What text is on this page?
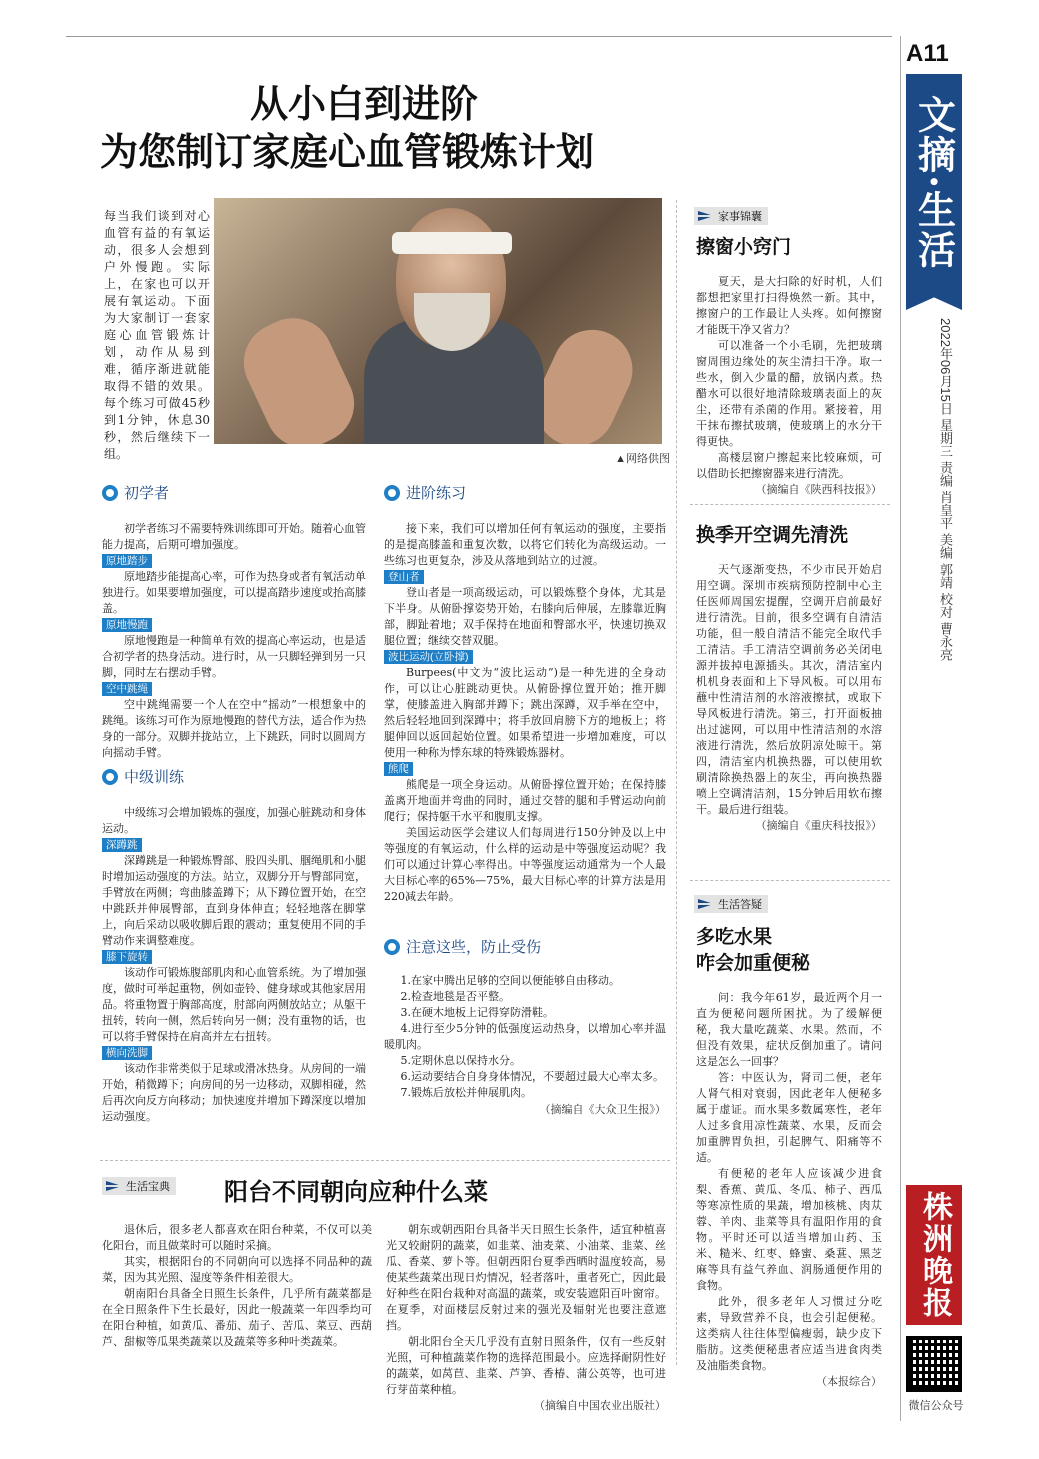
A11
文摘·生活
2022年06月15日 星期三 责编 肖皇平 美编 郭靖 校对 曹永亮
株洲晚报
微信公众号
从小白到进阶
为您制订家庭心血管锻炼计划
每当我们谈到对心血管有益的有氧运动，很多人会想到户外慢跑。实际上，在家也可以开展有氧运动。下面为大家制订一套家庭心血管锻炼计划，动作从易到难，循序渐进就能取得不错的效果。每个练习可做45秒到1分钟，休息30秒，然后继续下一组。	▲网络供图
初学者

初学者练习不需要特殊训练即可开始。随着心血管能力提高，后期可增加强度。

原地踏步

原地踏步能提高心率，可作为热身或者有氧活动单独进行。如果要增加强度，可以提高踏步速度或抬高膝盖。

原地慢跑

原地慢跑是一种简单有效的提高心率运动，也是适合初学者的热身活动。进行时，从一只脚轻弹到另一只脚，同时左右摆动手臂。

空中跳绳

空中跳绳需要一个人在空中“摇动”一根想象中的跳绳。该练习可作为原地慢跑的替代方法，适合作为热身的一部分。双脚并拢站立，上下跳跃，同时以圆周方向摇动手臂。

中级训练

中级练习会增加锻炼的强度，加强心脏跳动和身体运动。

深蹲跳

深蹲跳是一种锻炼臀部、股四头肌、腘绳肌和小腿时增加运动强度的方法。站立，双脚分开与臀部同宽，手臂放在两侧；弯曲膝盖蹲下；从下蹲位置开始，在空中跳跃并伸展臀部，直到身体伸直；轻轻地落在脚掌上，向后采动以吸收脚后跟的震动；重复使用不同的手臂动作来调整难度。

膝下旋转

该动作可锻炼腹部肌肉和心血管系统。为了增加强度，做时可举起重物，例如壶铃、健身球或其他家居用品。将重物置于胸部高度，肘部向两侧放站立；从躯干扭转，转向一侧，然后转向另一侧；没有重物的话，也可以将手臂保持在肩高并左右扭转。

横向洗脚

该动作非常类似于足球或滑冰热身。从房间的一端开始，稍微蹲下；向房间的另一边移动，双脚相碰，然后再次向反方向移动；加快速度并增加下蹲深度以增加运动强度。

进阶练习

接下来，我们可以增加任何有氧运动的强度，主要指的是提高膝盖和重复次数，以将它们转化为高级运动。一些练习也更复杂，涉及从落地到站立的过渡。

登山者

登山者是一项高级运动，可以锻炼整个身体，尤其是下半身。从俯卧撑姿势开始，右膝向后伸展，左膝靠近胸部，脚趾着地；双手保持在地面和臀部水平，快速切换双腿位置；继续交替双腿。

波比运动(立卧撑)

Burpees(中文为“波比运动”)是一种先进的全身动作，可以让心脏跳动更快。从俯卧撑位置开始；推开脚掌，使膝盖进入胸部并蹲下；跳出深蹲，双手举在空中，然后轻轻地回到深蹲中；将手放回肩膀下方的地板上；将腿伸回以返回起始位置。如果希望进一步增加难度，可以使用一种称为悸东球的特殊锻炼器材。

熊爬

熊爬是一项全身运动。从俯卧撑位置开始；在保持膝盖离开地面并弯曲的同时，通过交替的腿和手臂运动向前爬行；保持躯干水平和腹肌支撑。

美国运动医学会建议人们每周进行150分钟及以上中等强度的有氧运动，什么样的运动是中等强度运动呢？我们可以通过计算心率得出。中等强度运动通常为一个人最大目标心率的65%—75%，最大目标心率的计算方法是用220减去年龄。

注意这些，防止受伤
1.在家中腾出足够的空间以便能够自由移动。
2.检查地毯是否平整。
3.在硬木地板上记得穿防滑鞋。
4.进行至少5分钟的低强度运动热身，以增加心率并温暖肌肉。
5.定期休息以保持水分。
6.运动要结合自身身体情况，不要超过最大心率太多。
7.锻炼后放松并伸展肌肉。
（摘编自《大众卫生报》）
生活宝典 阳台不同朝向应种什么菜

退休后，很多老人都喜欢在阳台种菜，不仅可以美化阳台，而且做菜时可以随时采摘。

其实，根据阳台的不同朝向可以选择不同品种的蔬菜，因为其光照、湿度等条件相差很大。

朝南阳台具备全日照生长条件，几乎所有蔬菜都是在全日照条件下生长最好，因此一般蔬菜一年四季均可在阳台种植，如黄瓜、番茄、茄子、苦瓜、菜豆、西葫芦、甜椒等瓜果类蔬菜以及蔬菜等多种叶类蔬菜。

朝东或朝西阳台具备半天日照生长条件，适宜种植喜光又较耐阴的蔬菜，如韭菜、油麦菜、小油菜、韭菜、丝瓜、香菜、萝卜等。但朝西阳台夏季西晒时温度较高，易使某些蔬菜出现日灼情况，轻者落叶，重者死亡，因此最好种些在阳台栽种对高温的蔬菜，或安装遮阳百叶窗帘。在夏季，对面楼层反射过来的强光及辐射光也要注意遮挡。

朝北阳台全天几乎没有直射日照条件，仅有一些反射光照，可种植蔬菜作物的选择范围最小。应选择耐阴性好的蔬菜，如莴苣、韭菜、芦笋、香椿、蒲公英等，也可进行芽苗菜种植。

（摘编自中国农业出版社）
家事锦囊
擦窗小窍门

夏天，是大扫除的好时机，人们都想把家里打扫得焕然一新。其中，擦窗户的工作最让人头疼。如何擦窗才能既干净又省力？

可以准备一个小毛刷，先把玻璃窗周围边缘处的灰尘清扫干净。取一些水，倒入少量的醋，放锅内煮。热醋水可以很好地清除玻璃表面上的灰尘，还带有杀菌的作用。紧接着，用干抹布擦拭玻璃，使玻璃上的水分干得更快。

高楼层窗户擦起来比较麻烦，可以借助长把擦窗器来进行清洗。

（摘编自《陕西科技报》）
换季开空调先清洗

天气逐渐变热，不少市民开始启用空调。深圳市疾病预防控制中心主任医师周国宏提醒，空调开启前最好进行清洗。目前，很多空调有自清洁功能，但一般自清洁不能完全取代手工清洁。手工清洁空调前务必关闭电源并拔掉电源插头。其次，清洁室内机机身表面和上下导风板。可以用布蘸中性清洁剂的水溶液擦拭，或取下导风板进行清洗。第三，打开面板抽出过滤网，可以用中性清洁剂的水溶液进行清洗，然后放阴凉处晾干。第四，清洁室内机换热器，可以使用软刷清除换热器上的灰尘，再向换热器喷上空调清洁剂，15分钟后用软布擦干。最后进行组装。

（摘编自《重庆科技报》）
生活答疑
多吃水果
咋会加重便秘

问：我今年61岁，最近两个月一直为便秘问题所困扰。为了缓解便秘，我大量吃蔬菜、水果。然而，不但没有效果，症状反倒加重了。请问这是怎么一回事？

答：中医认为，肾司二便，老年人肾气相对衰弱，因此老年人便秘多属于虚证。而水果多数属寒性，老年人过多食用凉性蔬菜、水果，反而会加重脾胃负担，引起脾气、阳痛等不适。

有便秘的老年人应该减少进食梨、香蕉、黄瓜、冬瓜、柿子、西瓜等寒凉性质的果蔬，增加核桃、肉苁蓉、羊肉、韭菜等具有温阳作用的食物。平时还可以适当增加山药、玉米、糙米、红枣、蜂蜜、桑葚、黑芝麻等具有益气养血、润肠通便作用的食物。

此外，很多老年人习惯过分吃素，导致营养不良，也会引起便秘。这类病人往往体型偏瘦弱，缺少皮下脂肪。这类便秘患者应适当进食肉类及油脂类食物。

（本报综合）
